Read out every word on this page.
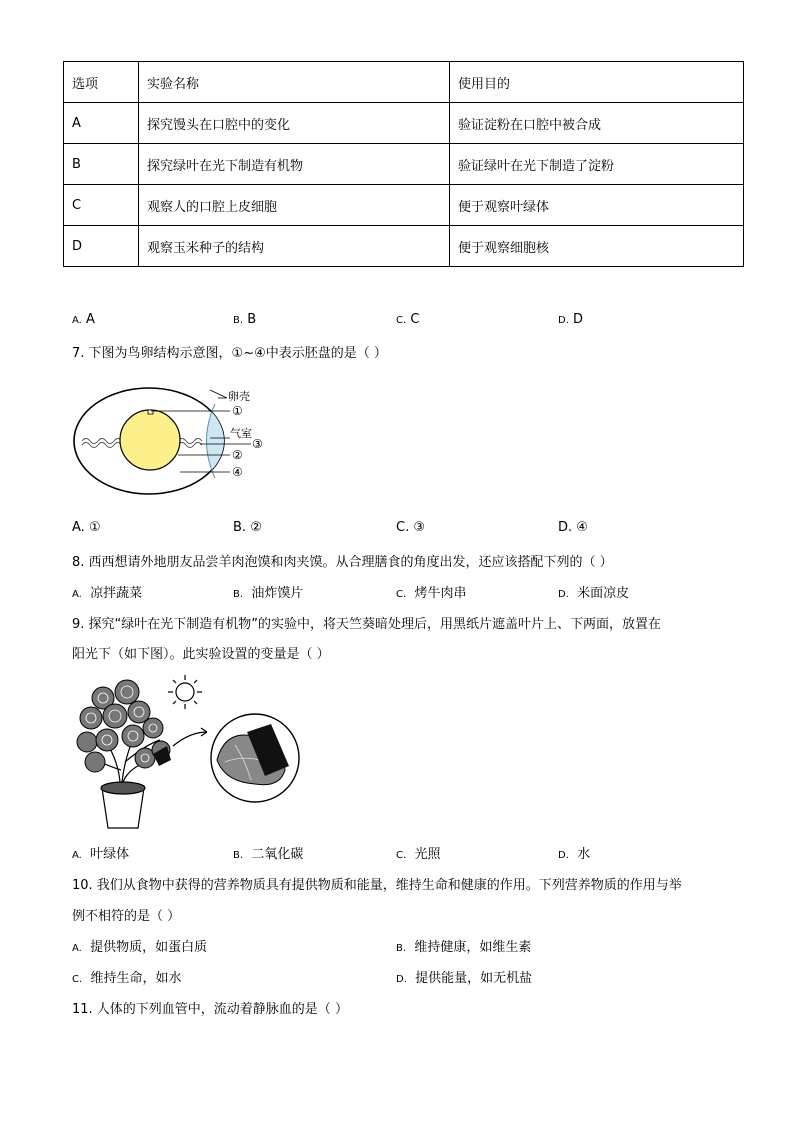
选项	实验名称	使用目的
A	探究馒头在口腔中的变化	验证淀粉在口腔中被合成
B	探究绿叶在光下制造有机物	验证绿叶在光下制造了淀粉
C	观察人的口腔上皮细胞	便于观察叶绿体
D	观察玉米种子的结构	便于观察细胞核
A. A	B. B	C. C	D. D
7. 下图为鸟卵结构示意图，①~④中表示胚盘的是（ ）
卵壳
①
气室
③
②
④
A. ①	B. ②	C. ③	D. ④
8. 西西想请外地朋友品尝羊肉泡馍和肉夹馍。从合理膳食的角度出发，还应该搭配下列的（ ）
A. 凉拌蔬菜	B. 油炸馍片	C. 烤牛肉串	D. 米面凉皮
9. 探究“绿叶在光下制造有机物”的实验中，将天竺葵暗处理后，用黑纸片遮盖叶片上、下两面，放置在
阳光下（如下图）。此实验设置的变量是（ ）
A. 叶绿体	B. 二氧化碳	C. 光照	D. 水
10. 我们从食物中获得的营养物质具有提供物质和能量，维持生命和健康的作用。下列营养物质的作用与举
例不相符的是（ ）
A. 提供物质，如蛋白质	B. 维持健康，如维生素
C. 维持生命，如水	D. 提供能量，如无机盐
11. 人体的下列血管中，流动着静脉血的是（ ）
